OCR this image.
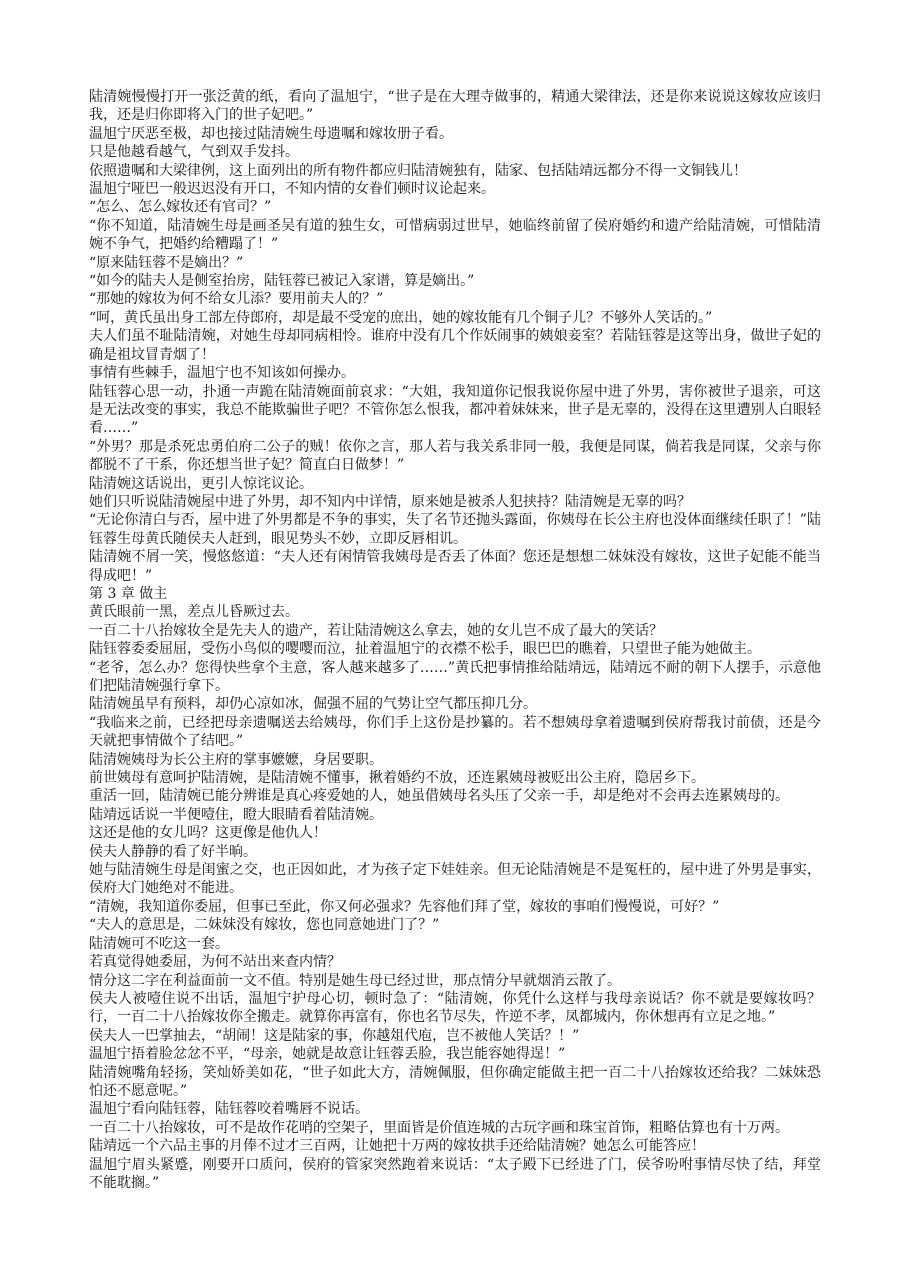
陆清婉慢慢打开一张泛黄的纸，看向了温旭宁，“世子是在大理寺做事的，精通大梁律法，还是你来说说这嫁妆应该归我，还是归你即将入门的世子妃吧。”

温旭宁厌恶至极，却也接过陆清婉生母遗嘱和嫁妆册子看。

只是他越看越气，气到双手发抖。

依照遗嘱和大梁律例，这上面列出的所有物件都应归陆清婉独有，陆家、包括陆靖远都分不得一文铜钱儿！

温旭宁哑巴一般迟迟没有开口，不知内情的女眷们顿时议论起来。

“怎么、怎么嫁妆还有官司？”

“你不知道，陆清婉生母是画圣吴有道的独生女，可惜病弱过世早，她临终前留了侯府婚约和遗产给陆清婉，可惜陆清婉不争气，把婚约给糟蹋了！”

“原来陆钰蓉不是嫡出？”

“如今的陆夫人是侧室抬房，陆钰蓉已被记入家谱，算是嫡出。”

“那她的嫁妆为何不给女儿添？要用前夫人的？”

“呵，黄氏虽出身工部左侍郎府，却是最不受宠的庶出，她的嫁妆能有几个铜子儿？不够外人笑话的。”

夫人们虽不耻陆清婉，对她生母却同病相怜。谁府中没有几个作妖闹事的姨娘妾室？若陆钰蓉是这等出身，做世子妃的确是祖坟冒青烟了！

事情有些棘手，温旭宁也不知该如何操办。

陆钰蓉心思一动，扑通一声跪在陆清婉面前哀求：“大姐，我知道你记恨我说你屋中进了外男，害你被世子退亲，可这是无法改变的事实，我总不能欺骗世子吧？不管你怎么恨我，都冲着妹妹来，世子是无辜的，没得在这里遭别人白眼轻看……”

“外男？那是杀死忠勇伯府二公子的贼！依你之言，那人若与我关系非同一般，我便是同谋，倘若我是同谋，父亲与你都脱不了干系，你还想当世子妃？简直白日做梦！”

陆清婉这话说出，更引人惊诧议论。

她们只听说陆清婉屋中进了外男，却不知内中详情，原来她是被杀人犯挟持？陆清婉是无辜的吗？

“无论你清白与否，屋中进了外男都是不争的事实，失了名节还抛头露面，你姨母在长公主府也没体面继续任职了！”陆钰蓉生母黄氏随侯夫人赶到，眼见势头不妙，立即反唇相讥。

陆清婉不屑一笑，慢悠悠道：“夫人还有闲情管我姨母是否丢了体面？您还是想想二妹妹没有嫁妆，这世子妃能不能当得成吧！”

第 3 章 做主

黄氏眼前一黑，差点儿昏厥过去。

一百二十八抬嫁妆全是先夫人的遗产，若让陆清婉这么拿去，她的女儿岂不成了最大的笑话？

陆钰蓉委委屈屈，受伤小鸟似的嘤嘤而泣，扯着温旭宁的衣襟不松手，眼巴巴的瞧着，只望世子能为她做主。

“老爷，怎么办？您得快些拿个主意，客人越来越多了……”黄氏把事情推给陆靖远，陆靖远不耐的朝下人摆手，示意他们把陆清婉强行拿下。

陆清婉虽早有预料，却仍心凉如冰，倔强不屈的气势让空气都压抑几分。

“我临来之前，已经把母亲遗嘱送去给姨母，你们手上这份是抄纂的。若不想姨母拿着遗嘱到侯府帮我讨前债，还是今天就把事情做个了结吧。”

陆清婉姨母为长公主府的掌事嬷嬷，身居要职。

前世姨母有意呵护陆清婉，是陆清婉不懂事，揪着婚约不放，还连累姨母被贬出公主府，隐居乡下。

重活一回，陆清婉已能分辨谁是真心疼爱她的人，她虽借姨母名头压了父亲一手，却是绝对不会再去连累姨母的。

陆靖远话说一半便噎住，瞪大眼睛看着陆清婉。

这还是他的女儿吗？这更像是他仇人！

侯夫人静静的看了好半晌。

她与陆清婉生母是闺蜜之交，也正因如此，才为孩子定下娃娃亲。但无论陆清婉是不是冤枉的，屋中进了外男是事实，侯府大门她绝对不能进。

“清婉，我知道你委屈，但事已至此，你又何必强求？先容他们拜了堂，嫁妆的事咱们慢慢说，可好？”

“夫人的意思是，二妹妹没有嫁妆，您也同意她进门了？”

陆清婉可不吃这一套。

若真觉得她委屈，为何不站出来查内情？

情分这二字在利益面前一文不值。特别是她生母已经过世，那点情分早就烟消云散了。

侯夫人被噎住说不出话，温旭宁护母心切，顿时急了：“陆清婉，你凭什么这样与我母亲说话？你不就是要嫁妆吗？行，一百二十八抬嫁妆你全搬走。就算你再富有，你也名节尽失，忤逆不孝，凤都城内，你休想再有立足之地。”

侯夫人一巴掌抽去，“胡闹！这是陆家的事，你越俎代庖，岂不被他人笑话？！”

温旭宁捂着脸忿忿不平，“母亲，她就是故意让钰蓉丢脸，我岂能容她得逞！”

陆清婉嘴角轻扬，笑灿娇美如花，“世子如此大方，清婉佩服，但你确定能做主把一百二十八抬嫁妆还给我？二妹妹恐怕还不愿意呢。”

温旭宁看向陆钰蓉，陆钰蓉咬着嘴唇不说话。

一百二十八抬嫁妆，可不是故作花哨的空架子，里面皆是价值连城的古玩字画和珠宝首饰，粗略估算也有十万两。

陆靖远一个六品主事的月俸不过才三百两，让她把十万两的嫁妆拱手还给陆清婉？她怎么可能答应！

温旭宁眉头紧蹙，刚要开口质问，侯府的管家突然跑着来说话：“太子殿下已经进了门，侯爷吩咐事情尽快了结，拜堂不能耽搁。”
